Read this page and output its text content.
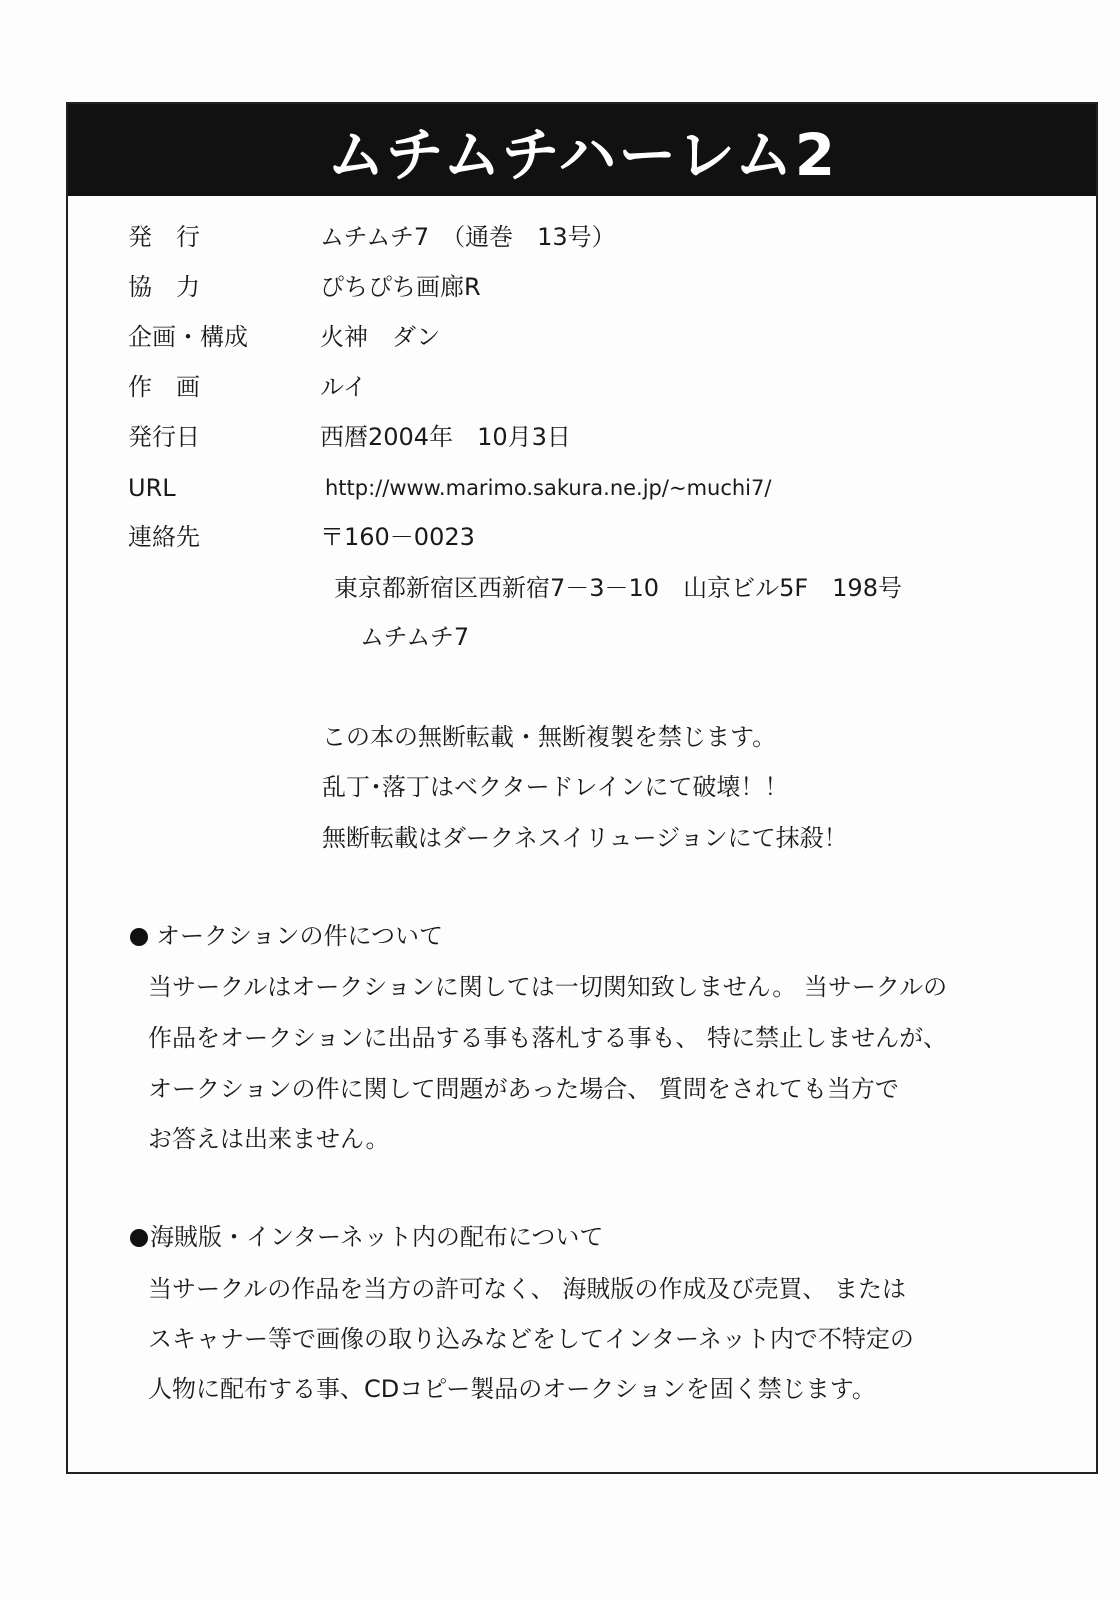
ムチムチハーレム2
発　行	ムチムチ7　（通巻　13号）
協　力	ぴちぴち画廊R
企画・構成	火神　ダン
作　画	ルイ
発行日	西暦2004年　10月3日
URL	http://www.marimo.sakura.ne.jp/~muchi7/
連絡先	〒160－0023
東京都新宿区西新宿7－3－10　山京ビル5F　198号
ムチムチ7
この本の無断転載・無断複製を禁じます。
乱丁･落丁はベクタードレインにて破壊！！
無断転載はダークネスイリュージョンにて抹殺！
オークションの件について
当サークルはオークションに関しては一切関知致しません。 当サークルの
作品をオークションに出品する事も落札する事も、 特に禁止しませんが、
オークションの件に関して問題があった場合、 質問をされても当方で
お答えは出来ません。
海賊版・インターネット内の配布について
当サークルの作品を当方の許可なく、 海賊版の作成及び売買、 または
スキャナー等で画像の取り込みなどをしてインターネット内で不特定の
人物に配布する事、CDコピー製品のオークションを固く禁じます。
